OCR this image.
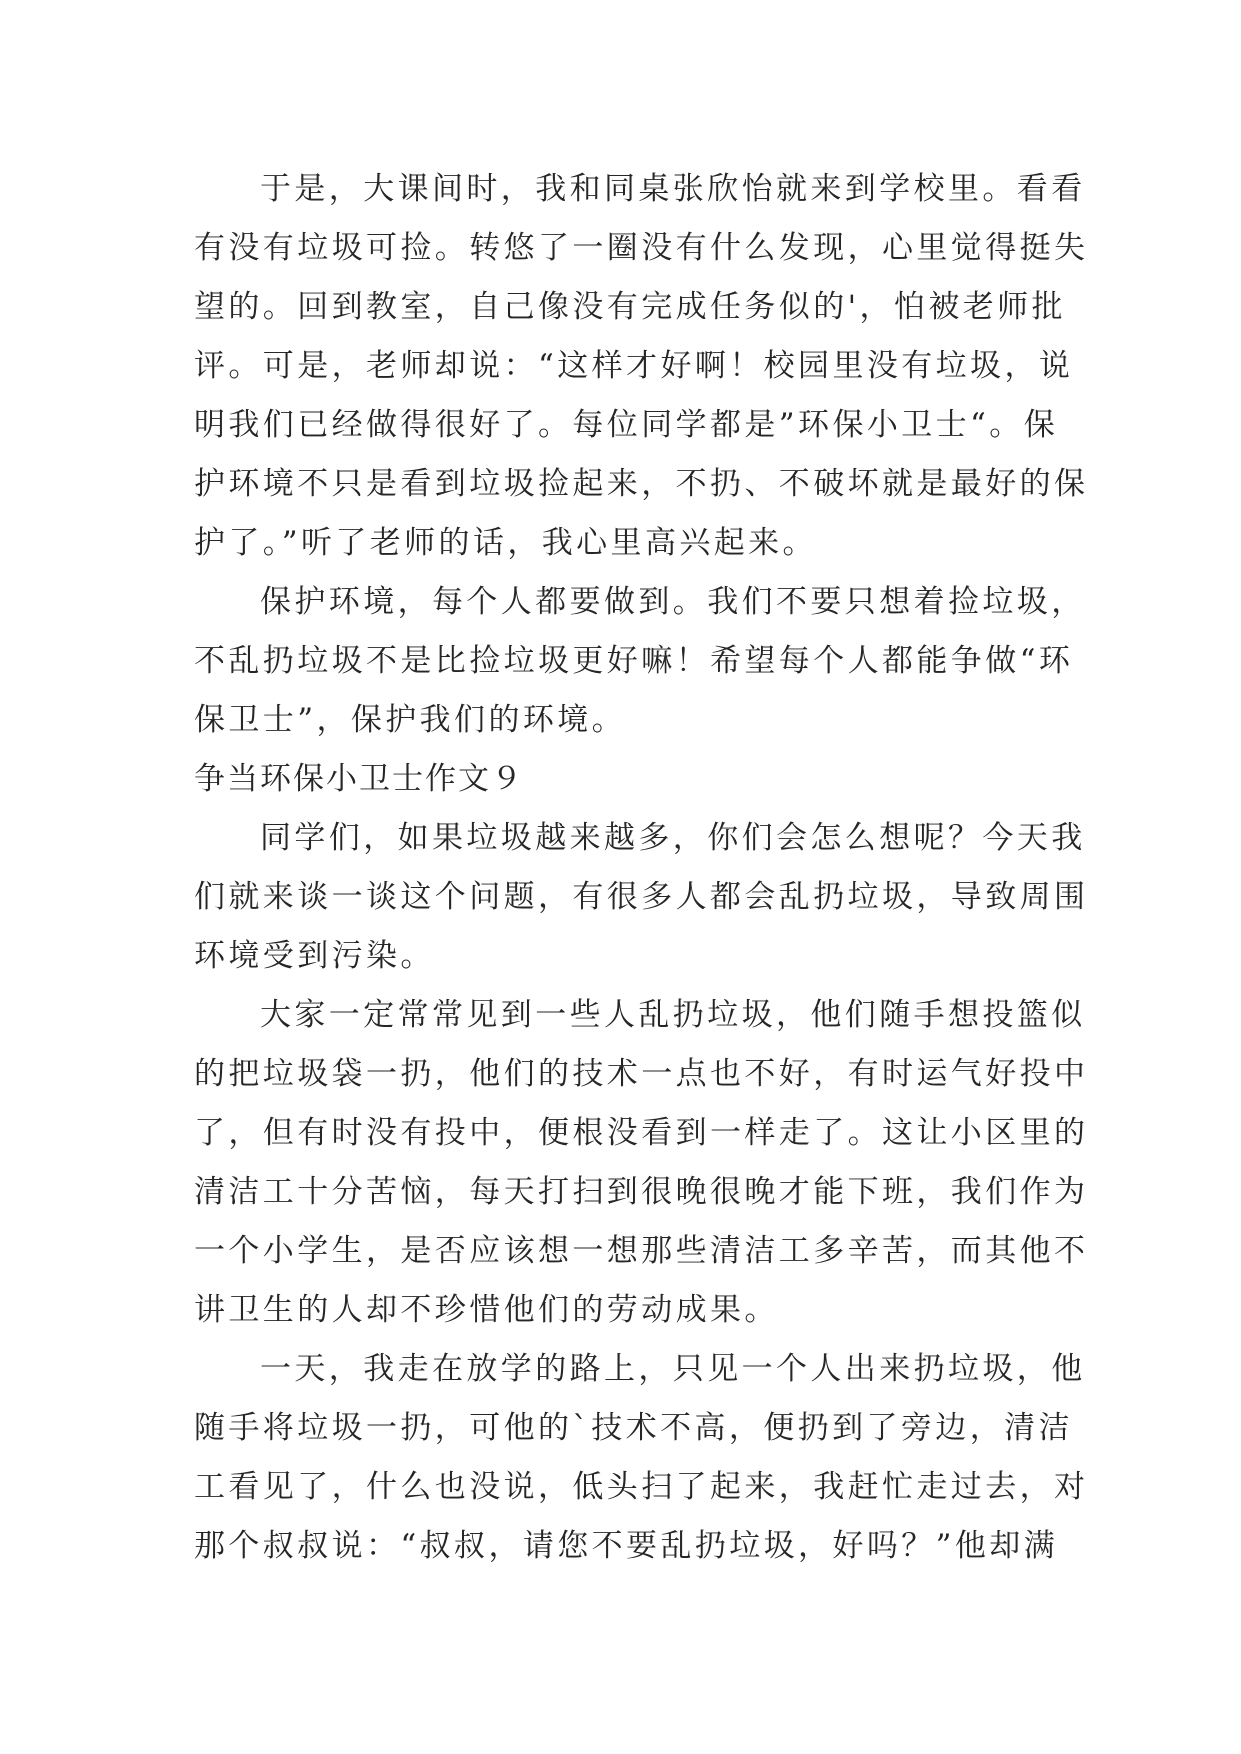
于是，大课间时，我和同桌张欣怡就来到学校里。看看
有没有垃圾可捡。转悠了一圈没有什么发现，心里觉得挺失
望的。回到教室，自己像没有完成任务似的'，怕被老师批
评。可是，老师却说：“这样才好啊！校园里没有垃圾，说
明我们已经做得很好了。每位同学都是”环保小卫士“。保
护环境不只是看到垃圾捡起来，不扔、不破坏就是最好的保
护了。”听了老师的话，我心里高兴起来。
保护环境，每个人都要做到。我们不要只想着捡垃圾，
不乱扔垃圾不是比捡垃圾更好嘛！希望每个人都能争做“环
保卫士”，保护我们的环境。
争当环保小卫士作文９
同学们，如果垃圾越来越多，你们会怎么想呢？今天我
们就来谈一谈这个问题，有很多人都会乱扔垃圾，导致周围
环境受到污染。
大家一定常常见到一些人乱扔垃圾，他们随手想投篮似
的把垃圾袋一扔，他们的技术一点也不好，有时运气好投中
了，但有时没有投中，便根没看到一样走了。这让小区里的
清洁工十分苦恼，每天打扫到很晚很晚才能下班，我们作为
一个小学生，是否应该想一想那些清洁工多辛苦，而其他不
讲卫生的人却不珍惜他们的劳动成果。
一天，我走在放学的路上，只见一个人出来扔垃圾，他
随手将垃圾一扔，可他的`技术不高，便扔到了旁边，清洁
工看见了，什么也没说，低头扫了起来，我赶忙走过去，对
那个叔叔说：“叔叔，请您不要乱扔垃圾，好吗？”他却满
